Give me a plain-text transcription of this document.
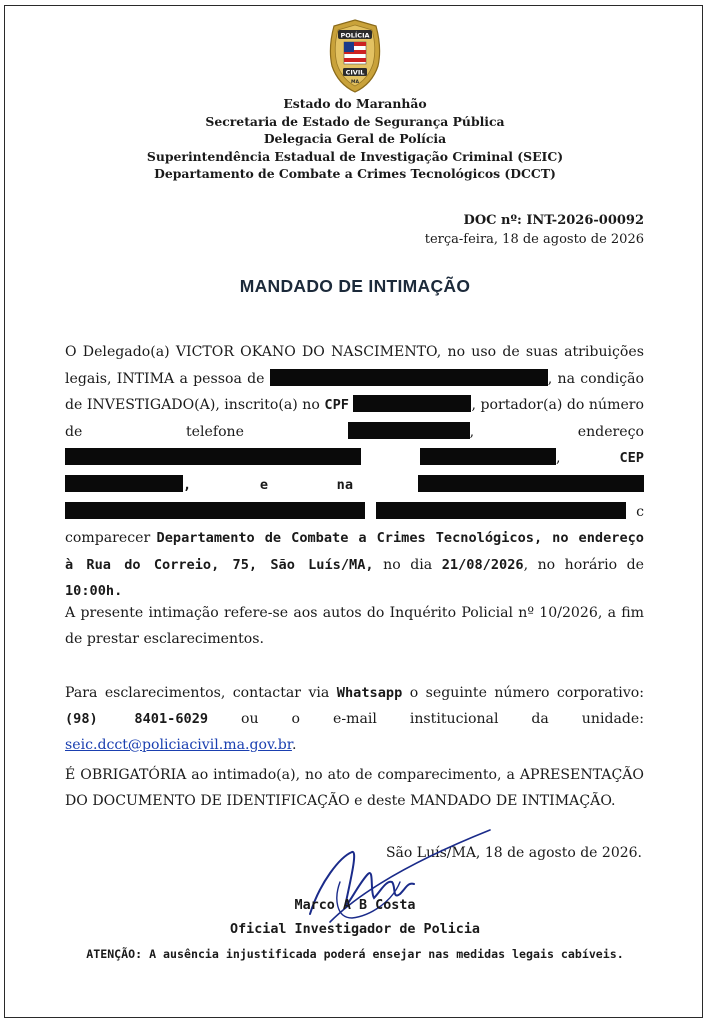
POLÍCIA
CIVIL
MA
Estado do Maranhão
Secretaria de Estado de Segurança Pública
Delegacia Geral de Polícia
Superintendência Estadual de Investigação Criminal (SEIC)
Departamento de Combate a Crimes Tecnológicos (DCCT)
DOC nº: INT-2026-00092
terça-feira, 18 de agosto de 2026
MANDADO DE INTIMAÇÃO
O Delegado(a) VICTOR OKANO DO NASCIMENTO, no uso de suas atribuições legais, INTIMA a pessoa de	, na condição de INVESTIGADO(A), inscrito(a) no CPF	, portador(a) do número de telefone	, endereço  , CEP , e na    c comparecer Departamento de Combate a Crimes Tecnológicos, no endereço à Rua do Correio, 75, São Luís/MA, no dia 21/08/2026, no horário de 10:00h.
A presente intimação refere-se aos autos do Inquérito Policial nº 10/2026, a fim de prestar esclarecimentos.
Para esclarecimentos, contactar via Whatsapp o seguinte número corporativo: (98) 8401-6029 ou o e-mail institucional da unidade: seic.dcct@policiacivil.ma.gov.br.
É OBRIGATÓRIA ao intimado(a), no ato de comparecimento, a APRESENTAÇÃO DO DOCUMENTO DE IDENTIFICAÇÃO e deste MANDADO DE INTIMAÇÃO.
São Luís/MA, 18 de agosto de 2026.
Marco A B Costa
Oficial Investigador de Policia
ATENÇÃO: A ausência injustificada poderá ensejar nas medidas legais cabíveis.
